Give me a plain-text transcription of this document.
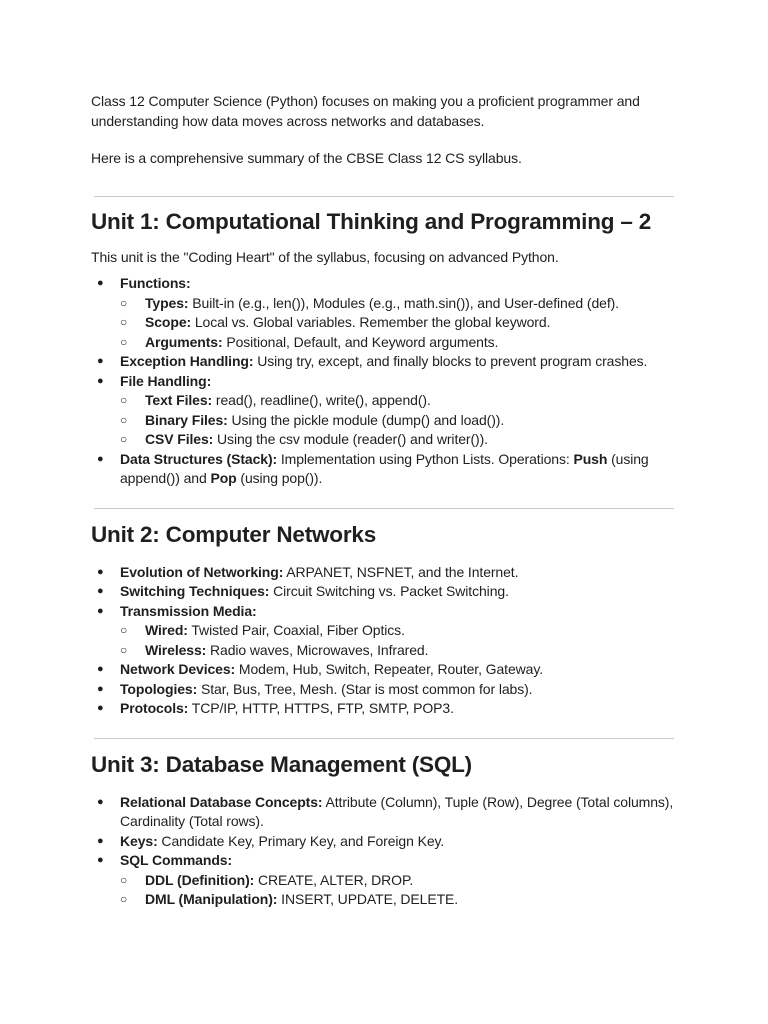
Class 12 Computer Science (Python) focuses on making you a proficient programmer and understanding how data moves across networks and databases.

Here is a comprehensive summary of the CBSE Class 12 CS syllabus.

Unit 1: Computational Thinking and Programming – 2

This unit is the "Coding Heart" of the syllabus, focusing on advanced Python.

● Functions:
○ Types: Built-in (e.g., len()), Modules (e.g., math.sin()), and User-defined (def).
○ Scope: Local vs. Global variables. Remember the global keyword.
○ Arguments: Positional, Default, and Keyword arguments.
● Exception Handling: Using try, except, and finally blocks to prevent program crashes.
● File Handling:
○ Text Files: read(), readline(), write(), append().
○ Binary Files: Using the pickle module (dump() and load()).
○ CSV Files: Using the csv module (reader() and writer()).
● Data Structures (Stack): Implementation using Python Lists. Operations: Push (using append()) and Pop (using pop()).
Unit 2: Computer Networks
● Evolution of Networking: ARPANET, NSFNET, and the Internet.
● Switching Techniques: Circuit Switching vs. Packet Switching.
● Transmission Media:
○ Wired: Twisted Pair, Coaxial, Fiber Optics.
○ Wireless: Radio waves, Microwaves, Infrared.
● Network Devices: Modem, Hub, Switch, Repeater, Router, Gateway.
● Topologies: Star, Bus, Tree, Mesh. (Star is most common for labs).
● Protocols: TCP/IP, HTTP, HTTPS, FTP, SMTP, POP3.
Unit 3: Database Management (SQL)
● Relational Database Concepts: Attribute (Column), Tuple (Row), Degree (Total columns), Cardinality (Total rows).
● Keys: Candidate Key, Primary Key, and Foreign Key.
● SQL Commands:
○ DDL (Definition): CREATE, ALTER, DROP.
○ DML (Manipulation): INSERT, UPDATE, DELETE.
